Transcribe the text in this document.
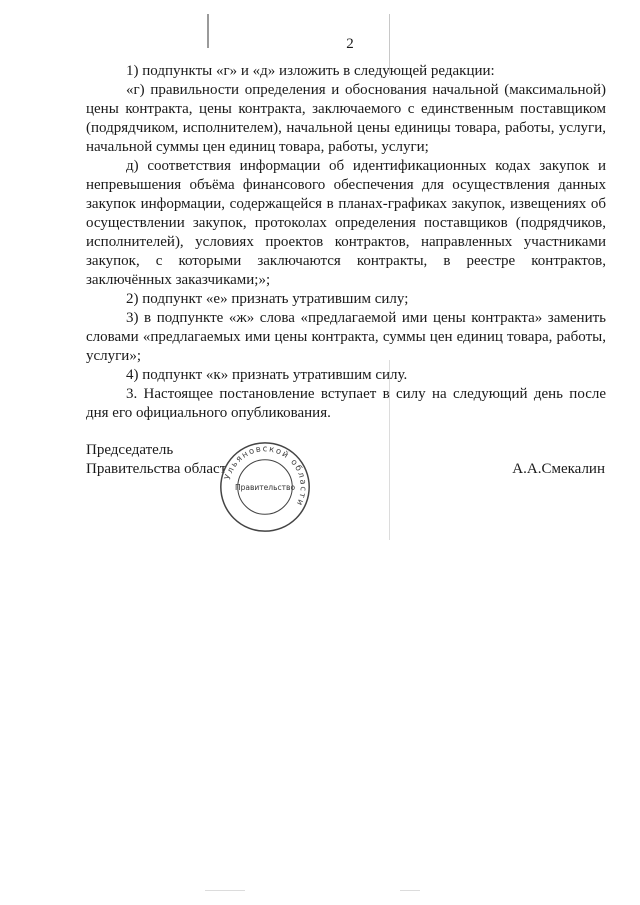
2

1) подпункты «г» и «д» изложить в следующей редакции:

«г) правильности определения и обоснования начальной (максимальной) цены контракта, цены контракта, заключаемого с единственным поставщиком (подрядчиком, исполнителем), начальной цены единицы товара, работы, услуги, начальной суммы цен единиц товара, работы, услуги;

д) соответствия информации об идентификационных кодах закупок и непревышения объёма финансового обеспечения для осуществления данных закупок информации, содержащейся в планах-графиках закупок, извещениях об осуществлении закупок, протоколах определения поставщиков (подрядчиков, исполнителей), условиях проектов контрактов, направленных участниками закупок, с которыми заключаются контракты, в реестре контрактов, заключённых заказчиками;»;

2) подпункт «е» признать утратившим силу;

3) в подпункте «ж» слова «предлагаемой ими цены контракта» заменить словами «предлагаемых ими цены контракта, суммы цен единиц товара, работы, услуги»;

4) подпункт «к» признать утратившим силу.

3. Настоящее постановление вступает в силу на следующий день после дня его официального опубликования.

Председатель
Правительства област
Ульяновской области
Правительство
А.А.Смекалин
